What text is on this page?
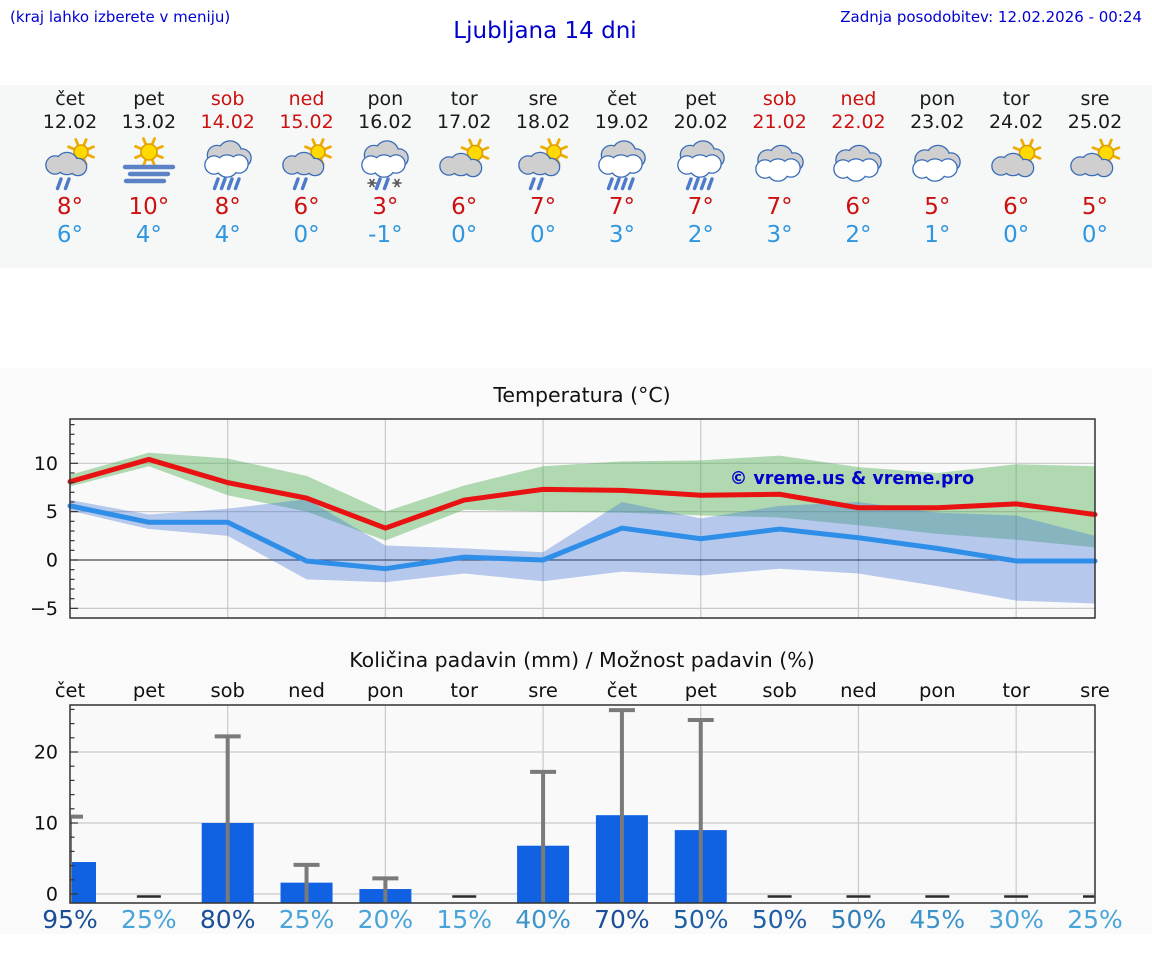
(kraj lahko izberete v meniju)
Ljubljana 14 dni
Zadnja posodobitev: 12.02.2026 - 00:24
čet
12.02
8°
6°
pet
13.02
10°
4°
sob
14.02
8°
4°
ned
15.02
6°
0°
pon
16.02
3°
-1°
tor
17.02
6°
0°
sre
18.02
7°
0°
čet
19.02
7°
3°
pet
20.02
7°
2°
sob
21.02
7°
3°
ned
22.02
6°
2°
pon
23.02
5°
1°
tor
24.02
6°
0°
sre
25.02
5°
0°
−5
0
5
10
Temperatura (°C)
© vreme.us & vreme.pro
Količina padavin (mm) / Možnost padavin (%)
čet pet sob ned pon tor	sre	čet pet sob ned pon tor	sre
0
10
20
95% 25% 80% 25% 20% 15% 40% 70% 50% 50% 50% 45% 30% 25%
